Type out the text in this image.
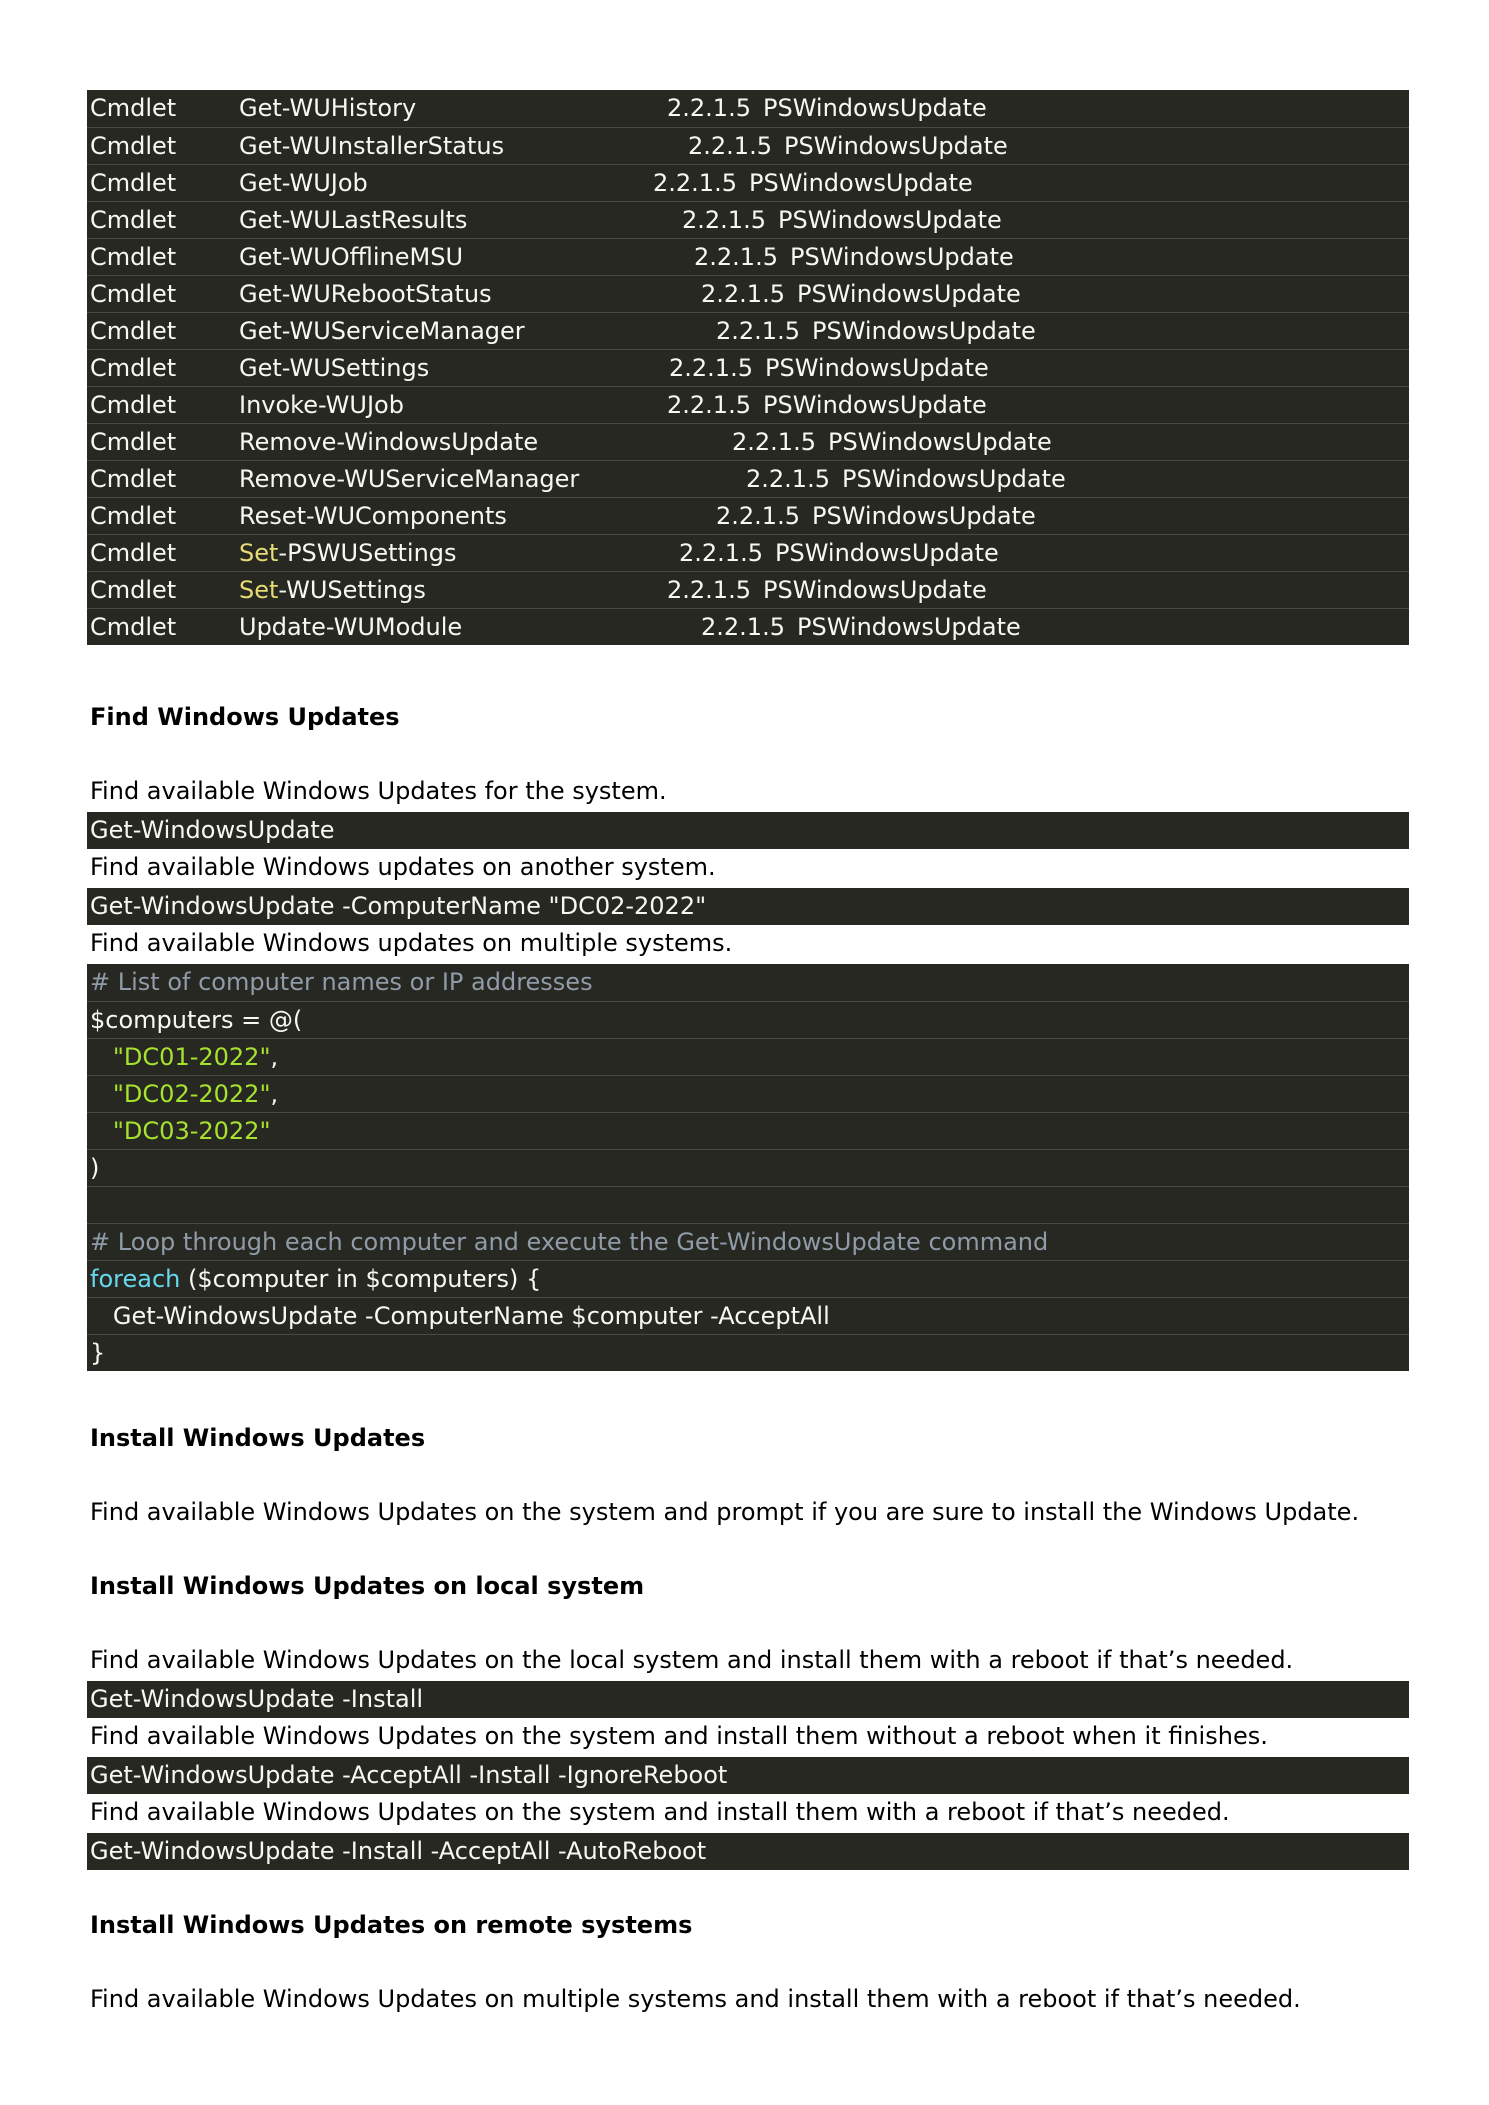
Cmdlet	Get-WUHistory	2.2.1.5 PSWindowsUpdate
Cmdlet	Get-WUInstallerStatus	2.2.1.5 PSWindowsUpdate
Cmdlet	Get-WUJob	2.2.1.5 PSWindowsUpdate
Cmdlet	Get-WULastResults	2.2.1.5 PSWindowsUpdate
Cmdlet	Get-WUOfflineMSU	2.2.1.5 PSWindowsUpdate
Cmdlet	Get-WURebootStatus	2.2.1.5 PSWindowsUpdate
Cmdlet	Get-WUServiceManager	2.2.1.5 PSWindowsUpdate
Cmdlet	Get-WUSettings	2.2.1.5 PSWindowsUpdate
Cmdlet	Invoke-WUJob	2.2.1.5 PSWindowsUpdate
Cmdlet	Remove-WindowsUpdate	2.2.1.5 PSWindowsUpdate
Cmdlet	Remove-WUServiceManager	2.2.1.5 PSWindowsUpdate
Cmdlet	Reset-WUComponents	2.2.1.5 PSWindowsUpdate
Cmdlet	Set-PSWUSettings	2.2.1.5 PSWindowsUpdate
Cmdlet	Set-WUSettings	2.2.1.5 PSWindowsUpdate
Cmdlet	Update-WUModule	2.2.1.5 PSWindowsUpdate
Find Windows Updates
Find available Windows Updates for the system.
Get-WindowsUpdate
Find available Windows updates on another system.
Get-WindowsUpdate -ComputerName "DC02-2022"
Find available Windows updates on multiple systems.
# List of computer names or IP addresses
$computers = @(
"DC01-2022",
"DC02-2022",
"DC03-2022"
)
# Loop through each computer and execute the Get-WindowsUpdate command
foreach ($computer in $computers) {
Get-WindowsUpdate -ComputerName $computer -AcceptAll
}
Install Windows Updates
Find available Windows Updates on the system and prompt if you are sure to install the Windows Update.
Install Windows Updates on local system
Find available Windows Updates on the local system and install them with a reboot if that’s needed.
Get-WindowsUpdate -Install
Find available Windows Updates on the system and install them without a reboot when it finishes.
Get-WindowsUpdate -AcceptAll -Install -IgnoreReboot
Find available Windows Updates on the system and install them with a reboot if that’s needed.
Get-WindowsUpdate -Install -AcceptAll -AutoReboot
Install Windows Updates on remote systems
Find available Windows Updates on multiple systems and install them with a reboot if that’s needed.
